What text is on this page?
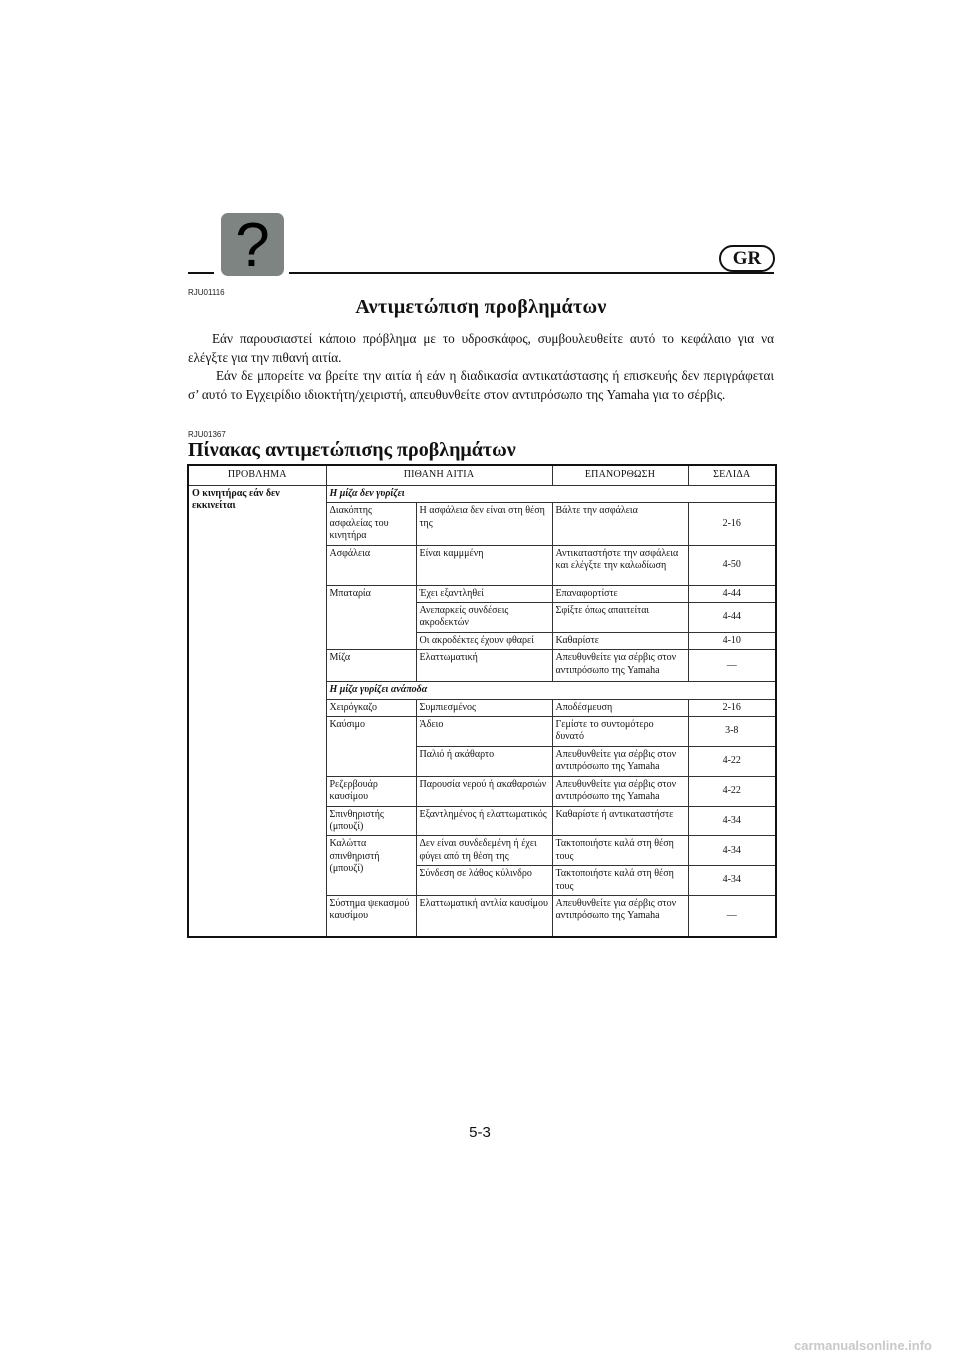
?	GR
RJU01116
Αντιμετώπιση προβλημάτων

Εάν παρουσιαστεί κάποιο πρόβλημα με το υδροσκάφος, συμβουλευθείτε αυτό το κεφάλαιο για να ελέγξτε για την πιθανή αιτία.

Εάν δε μπορείτε να βρείτε την αιτία ή εάν η διαδικασία αντικατάστασης ή επισκευής δεν περιγράφεται σ’ αυτό το Εγχειρίδιο ιδιοκτήτη/χειριστή, απευθυνθείτε στον αντιπρόσωπο της Yamaha για το σέρβις.

RJU01367
Πίνακας αντιμετώπισης προβλημάτων
ΠΡΟΒΛΗΜΑ	ΠΙΘΑΝΗ ΑΙΤΙΑ		ΕΠΑΝΟΡΘΩΣΗ	ΣΕΛΙΔΑ
Ο κινητήρας εάν δεν εκκινείται	Η μίζα δεν γυρίζει			
	Διακόπτης ασφαλείας του κινητήρα	Η ασφάλεια δεν είναι στη θέση της	Βάλτε την ασφάλεια	2-16
	Ασφάλεια	Είναι καμμμένη	Αντικαταστήστε την ασφάλεια και ελέγξτε την καλωδίωση	4-50
	Μπαταρία	Έχει εξαντληθεί	Επαναφορτίστε	4-44
		Ανεπαρκείς συνδέσεις ακροδεκτών	Σφίξτε όπως απαιτείται	4-44
		Οι ακροδέκτες έχουν φθαρεί	Καθαρίστε	4-10
	Μίζα	Ελαττωματική	Απευθυνθείτε για σέρβις στον αντιπρόσωπο της Yamaha	—
	Η μίζα γυρίζει ανάποδα			
	Χειρόγκαζο	Συμπιεσμένος	Αποδέσμευση	2-16
	Καύσιμο	Άδειο	Γεμίστε το συντομότερο δυνατό	3-8
		Παλιό ή ακάθαρτο	Απευθυνθείτε για σέρβις στον αντιπρόσωπο της Yamaha	4-22
	Ρεζερβουάρ καυσίμου	Παρουσία νερού ή ακαθαρσιών	Απευθυνθείτε για σέρβις στον αντιπρόσωπο της Yamaha	4-22
	Σπινθηριστής (μπουζί)	Εξαντλημένος ή ελαττωματικός	Καθαρίστε ή αντικαταστήστε	4-34
	Καλώττα σπινθηριστή (μπουζί)	Δεν είναι συνδεδεμένη ή έχει φύγει από τη θέση της	Τακτοποιήστε καλά στη θέση τους	4-34
		Σύνδεση σε λάθος κύλινδρο	Τακτοποιήστε καλά στη θέση τους	4-34
	Σύστημα ψεκασμού καυσίμου	Ελαττωματική αντλία καυσίμου	Απευθυνθείτε για σέρβις στον αντιπρόσωπο της Yamaha	—
5-3
carmanualsonline.info
